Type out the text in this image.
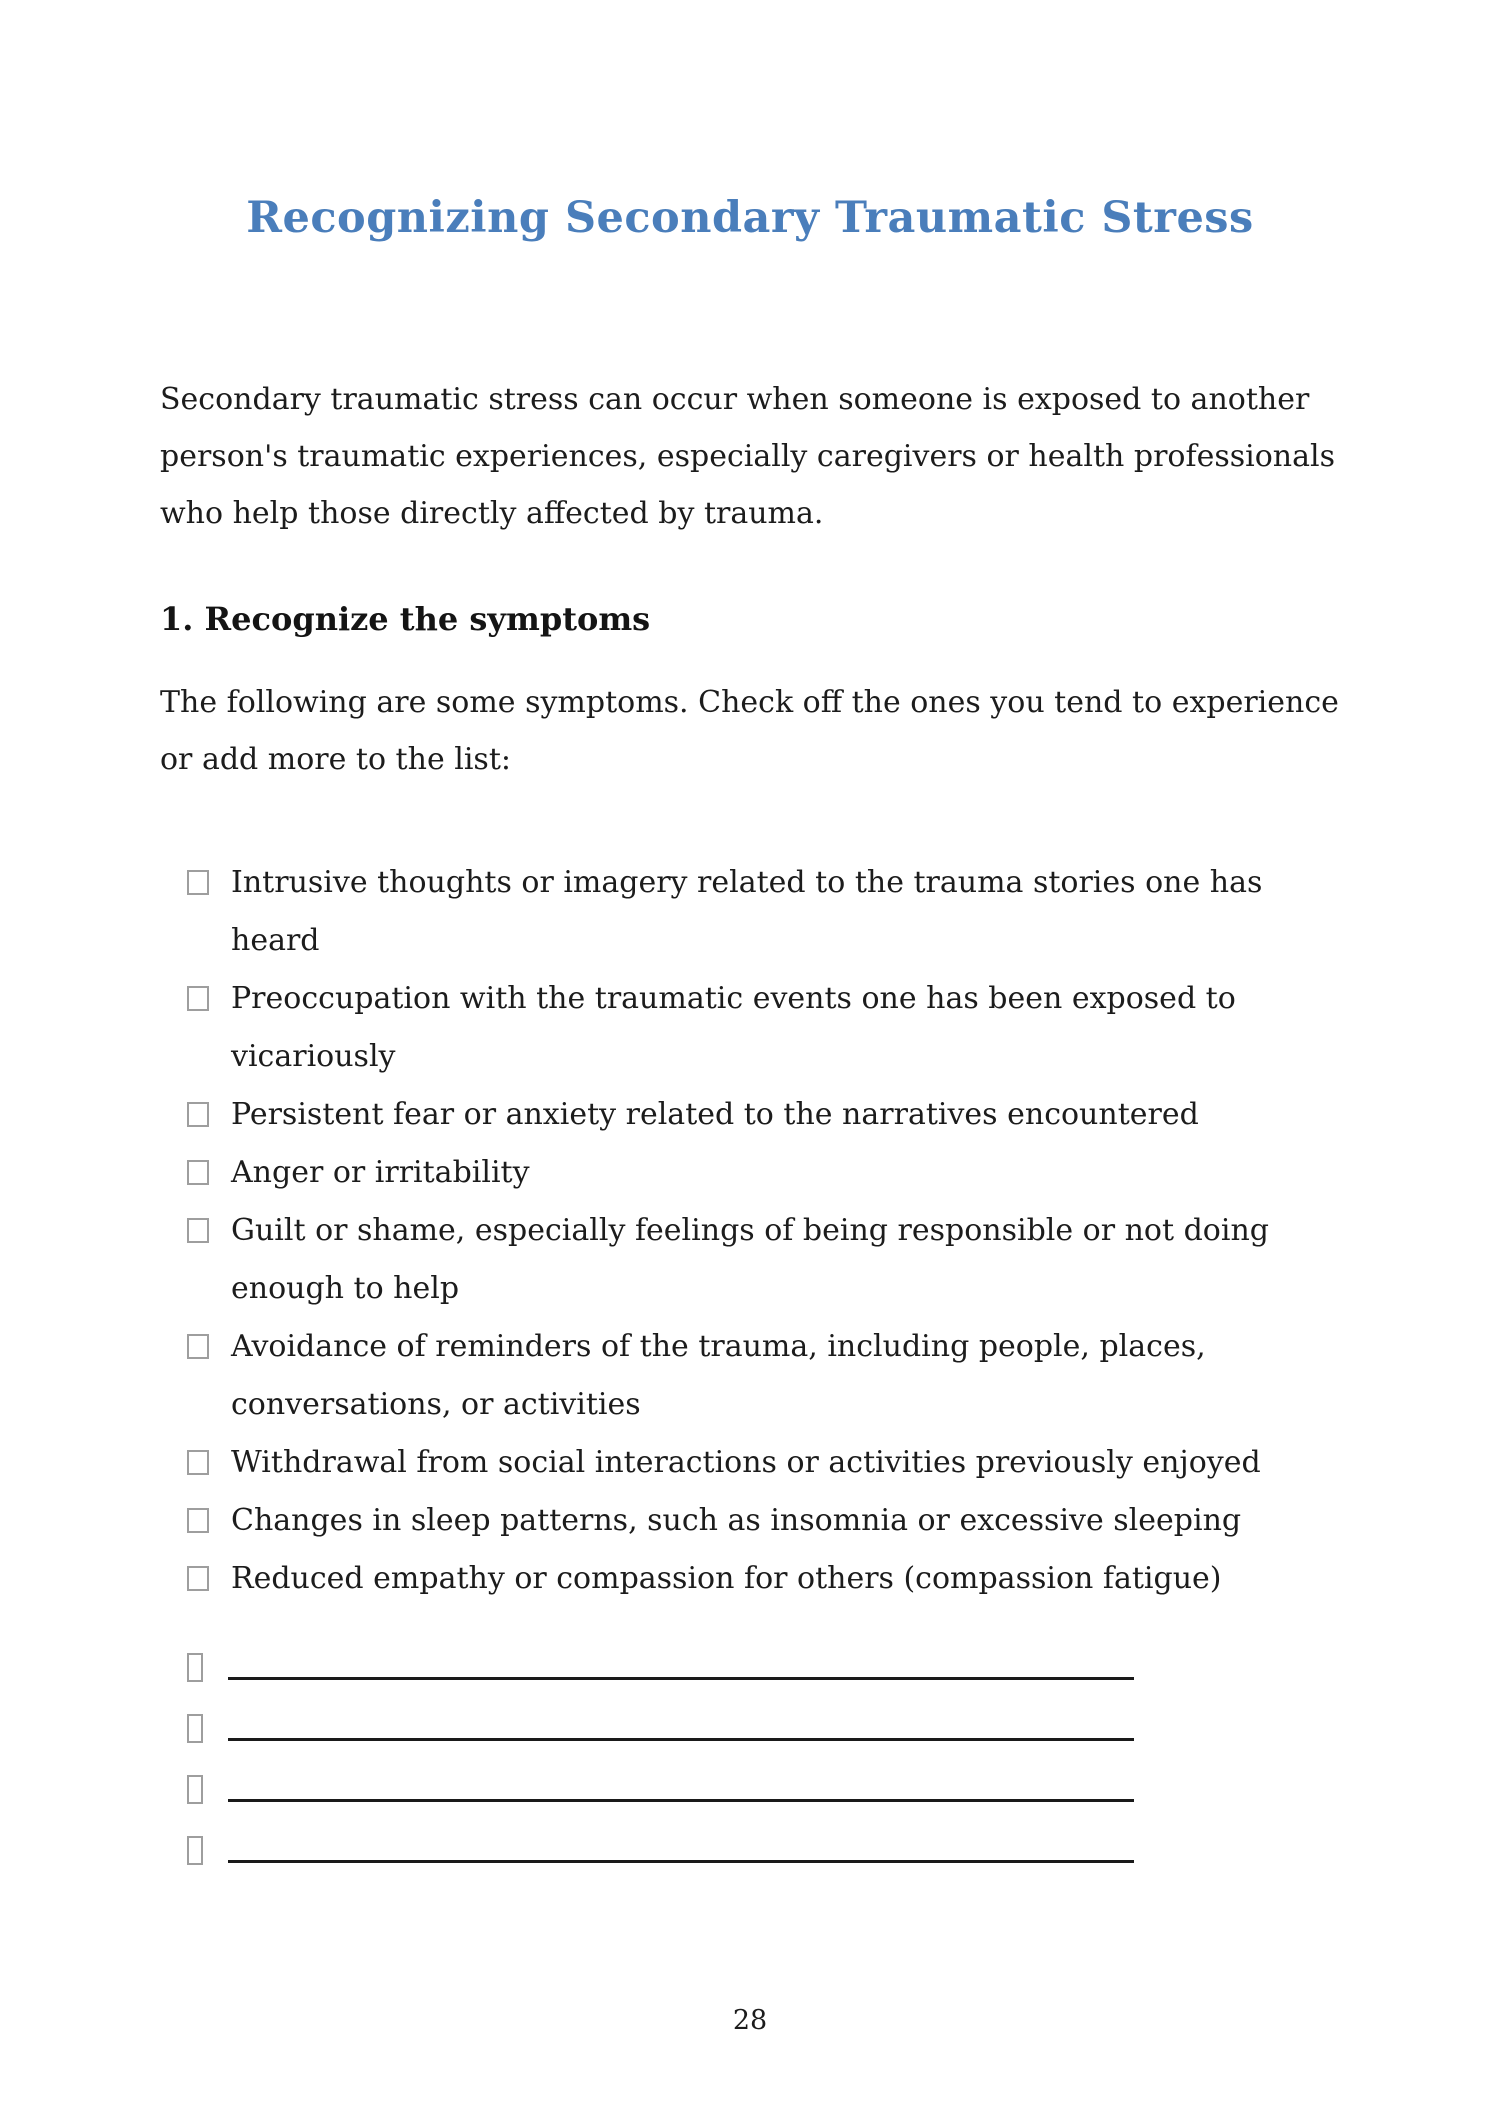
Recognizing Secondary Traumatic Stress

Secondary traumatic stress can occur when someone is exposed to another person's traumatic experiences, especially caregivers or health professionals who help those directly affected by trauma.

1. Recognize the symptoms

The following are some symptoms. Check off the ones you tend to experience or add more to the list:

Intrusive thoughts or imagery related to the trauma stories one has heard
Preoccupation with the traumatic events one has been exposed to vicariously
Persistent fear or anxiety related to the narratives encountered
Anger or irritability
Guilt or shame, especially feelings of being responsible or not doing enough to help
Avoidance of reminders of the trauma, including people, places, conversations, or activities
Withdrawal from social interactions or activities previously enjoyed
Changes in sleep patterns, such as insomnia or excessive sleeping
Reduced empathy or compassion for others (compassion fatigue)
28
